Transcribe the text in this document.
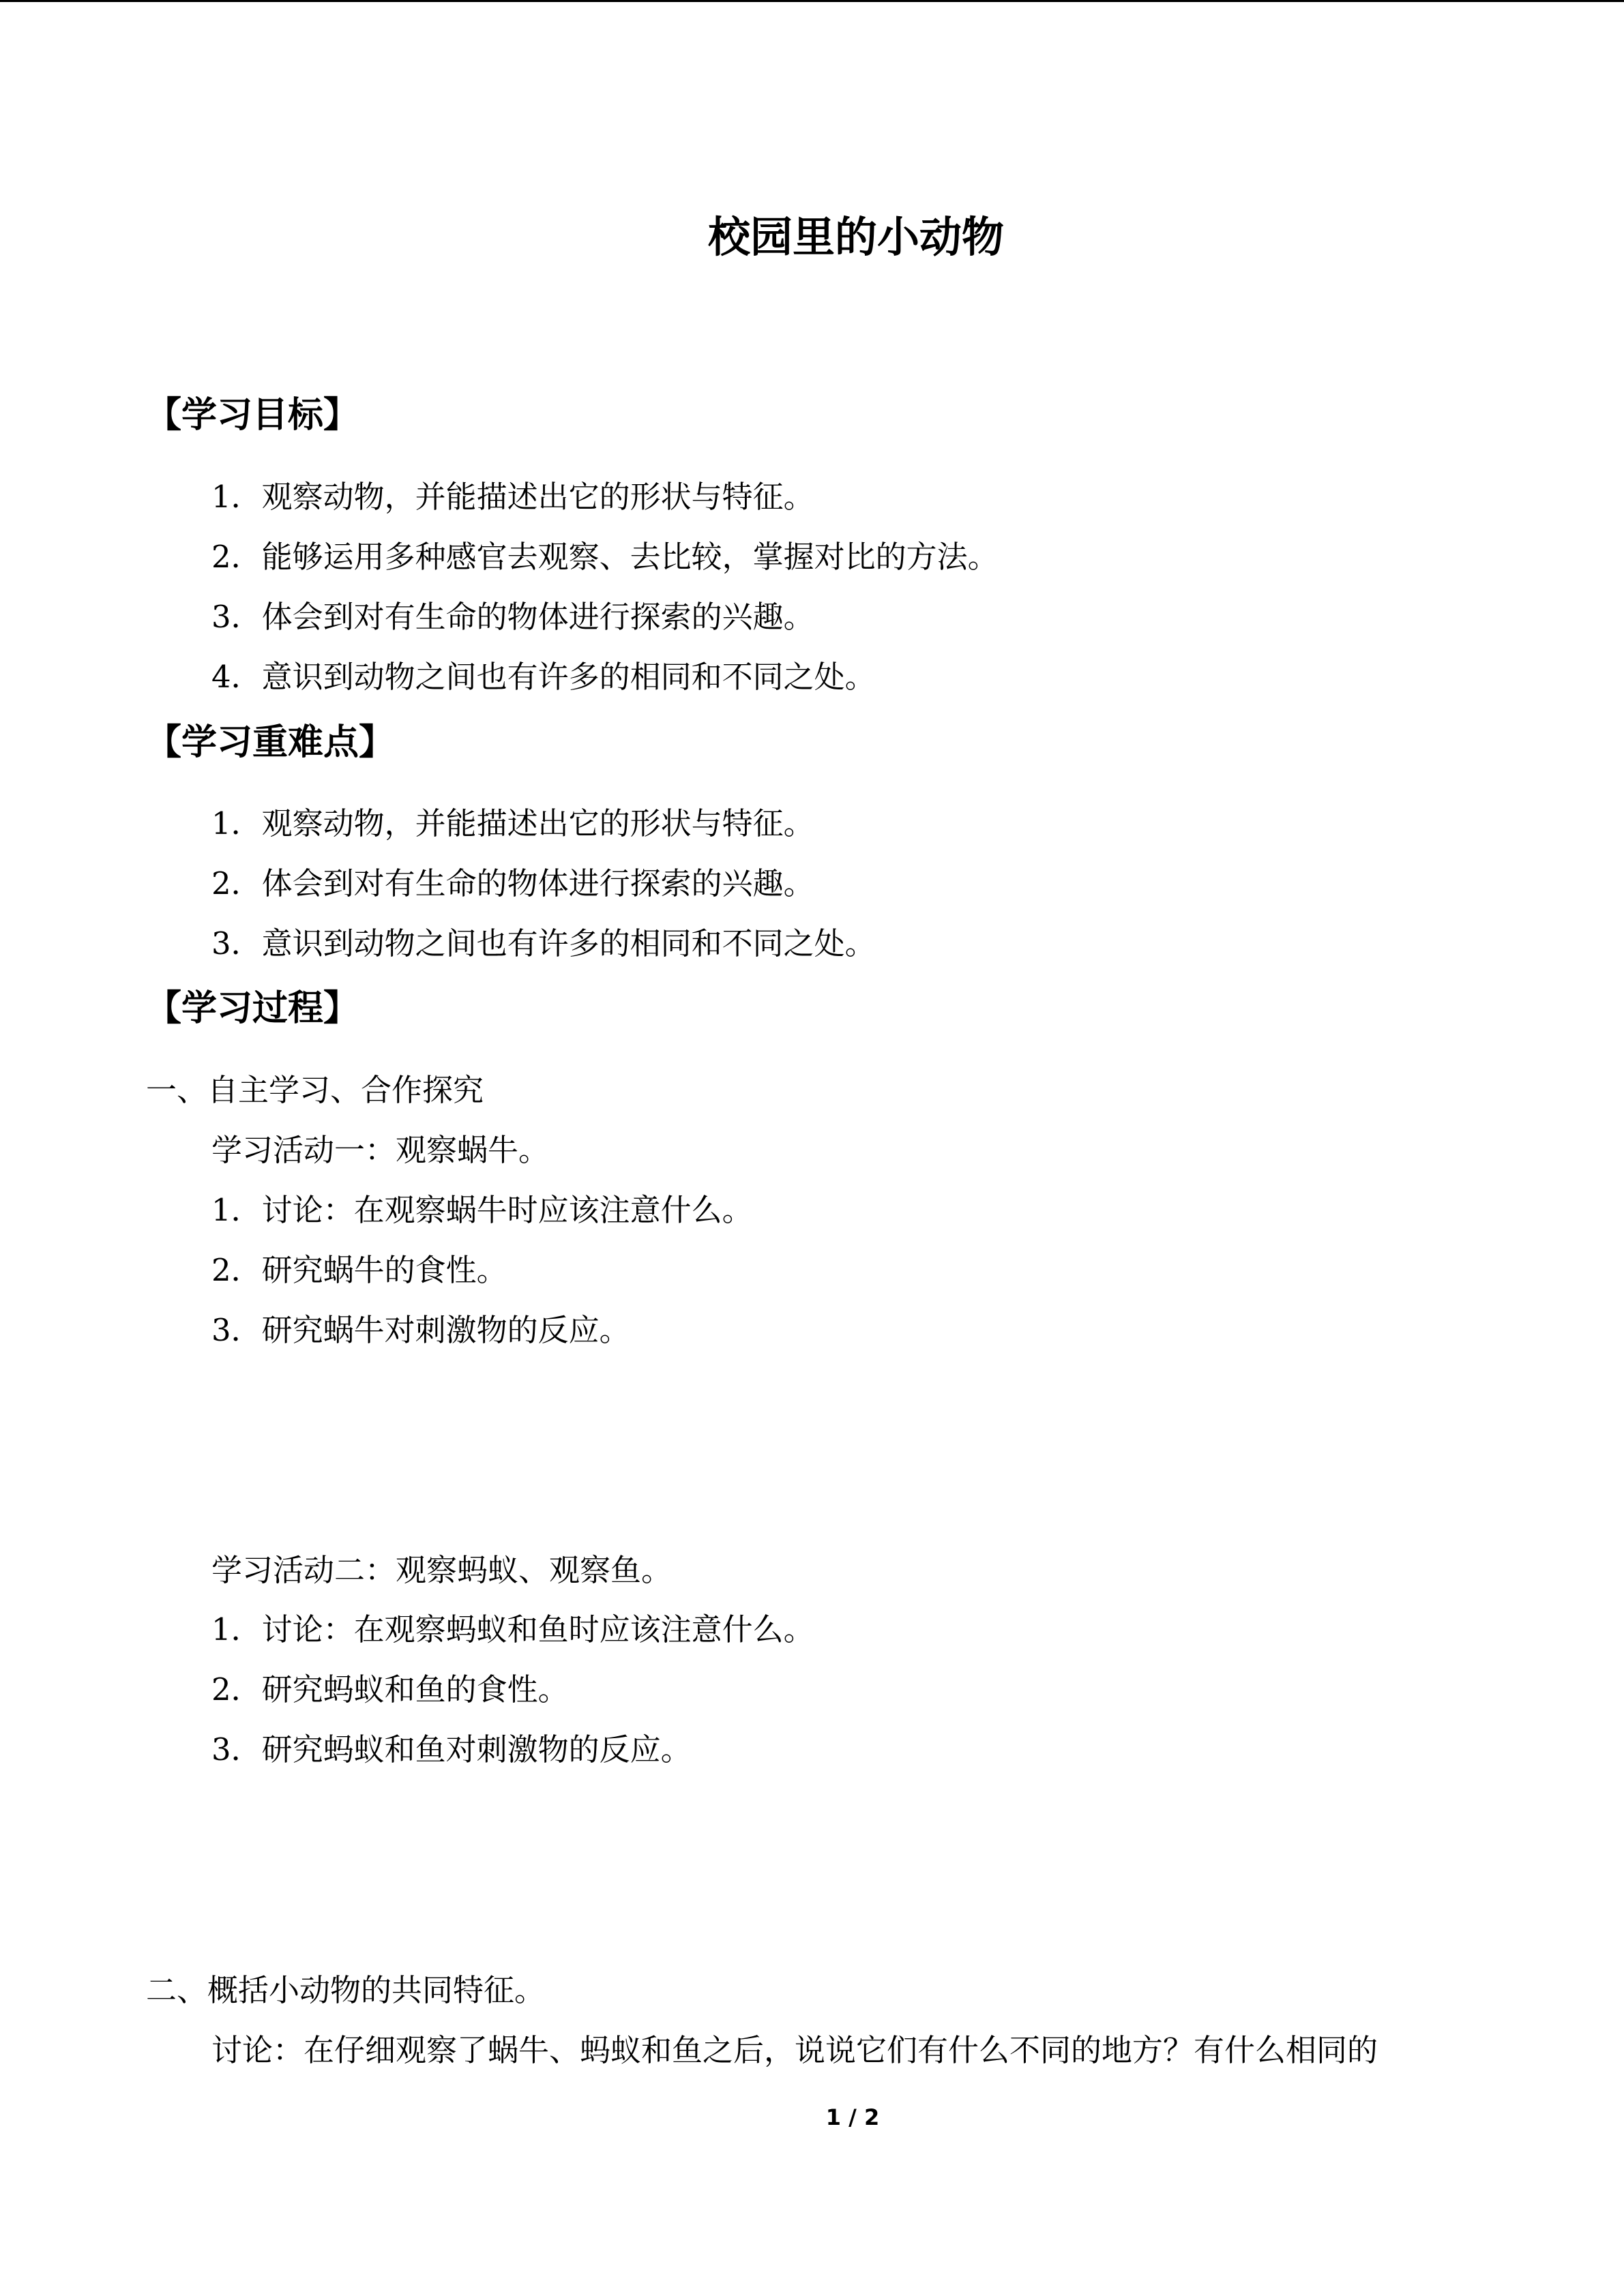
校园里的小动物
【学习目标】
1．观察动物，并能描述出它的形状与特征。
2．能够运用多种感官去观察、去比较，掌握对比的方法。
3．体会到对有生命的物体进行探索的兴趣。
4．意识到动物之间也有许多的相同和不同之处。
【学习重难点】
1．观察动物，并能描述出它的形状与特征。
2．体会到对有生命的物体进行探索的兴趣。
3．意识到动物之间也有许多的相同和不同之处。
【学习过程】
一、自主学习、合作探究
学习活动一：观察蜗牛。
1．讨论：在观察蜗牛时应该注意什么。
2．研究蜗牛的食性。
3．研究蜗牛对刺激物的反应。
学习活动二：观察蚂蚁、观察鱼。
1．讨论：在观察蚂蚁和鱼时应该注意什么。
2．研究蚂蚁和鱼的食性。
3．研究蚂蚁和鱼对刺激物的反应。
二、概括小动物的共同特征。
讨论：在仔细观察了蜗牛、蚂蚁和鱼之后，说说它们有什么不同的地方？有什么相同的
1 / 2
